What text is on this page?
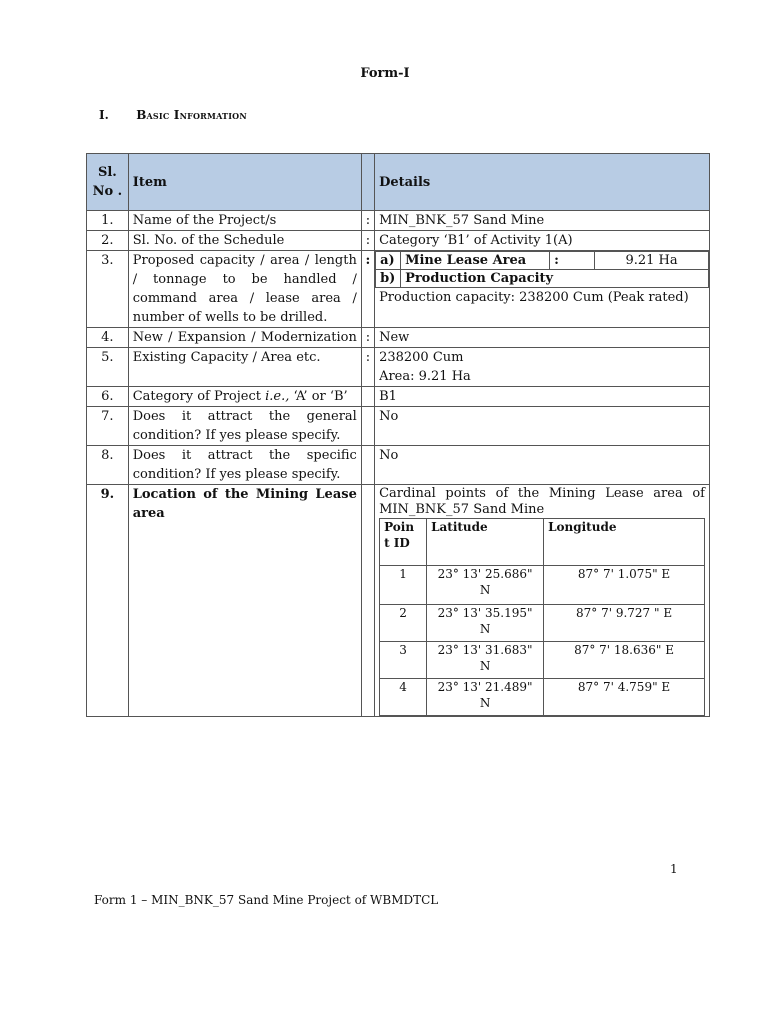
Form-I
I. Basic Information
Sl. No .	Item		Details
1.	Name of the Project/s	:	MIN_BNK_57 Sand Mine
2.	Sl. No. of the Schedule	:	Category ‘B1’ of Activity 1(A)
3.	Proposed capacity / area / length / tonnage to be handled / command area / lease area / number of wells to be drilled.	:	a)	Mine Lease Area	:	9.21 Ha
b)	Production Capacity
Production capacity: 238200 Cum (Peak rated)

4.	New / Expansion / Modernization	:	New
5.	Existing Capacity / Area etc.	:	238200 Cum
Area: 9.21 Ha

6.	Category of Project i.e., ‘A’ or ‘B’		B1
7.	Does it attract the general condition? If yes please specify.		No
8.	Does it attract the specific condition? If yes please specify.		No
9.	Location of the Mining Lease area		
Cardinal points of the Mining Lease area of MIN_BNK_57 Sand Mine
Poin t ID	Latitude	Longitude
1	23° 13' 25.686" N	87° 7' 1.075" E
2	23° 13' 35.195" N	87° 7' 9.727 " E
3	23° 13' 31.683" N	87° 7' 18.636" E
4	23° 13' 21.489" N	87° 7' 4.759" E
1
Form 1 – MIN_BNK_57 Sand Mine Project of WBMDTCL
